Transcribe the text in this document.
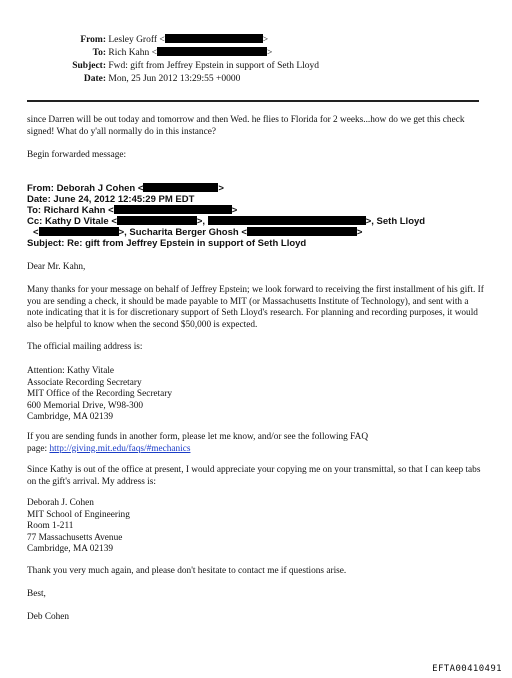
From: Lesley Groff <	>
To: Rich Kahn <	>
Subject: Fwd: gift from Jeffrey Epstein in support of Seth Lloyd
Date: Mon, 25 Jun 2012 13:29:55 +0000
since Darren will be out today and tomorrow and then Wed. he flies to Florida for 2 weeks...how do we get this check signed! What do y'all normally do in this instance?
Begin forwarded message:
From: Deborah J Cohen <	>
Date: June 24, 2012 12:45:29 PM EDT
To: Richard Kahn <	>
Cc: Kathy D Vitale <	>,	>, Seth Lloyd
<	>, Sucharita Berger Ghosh <	>
Subject: Re: gift from Jeffrey Epstein in support of Seth Lloyd
Dear Mr. Kahn,
Many thanks for your message on behalf of Jeffrey Epstein; we look forward to receiving the first installment of his gift. If you are sending a check, it should be made payable to MIT (or Massachusetts Institute of Technology), and sent with a note indicating that it is for discretionary support of Seth Lloyd's research. For planning and recording purposes, it would also be helpful to know when the second $50,000 is expected.
The official mailing address is:
Attention: Kathy Vitale
Associate Recording Secretary
MIT Office of the Recording Secretary
600 Memorial Drive, W98-300
Cambridge, MA 02139
If you are sending funds in another form, please let me know, and/or see the following FAQ
page: http://giving.mit.edu/faqs/#mechanics
Since Kathy is out of the office at present, I would appreciate your copying me on your transmittal, so that I can keep tabs on the gift's arrival. My address is:
Deborah J. Cohen
MIT School of Engineering
Room 1-211
77 Massachusetts Avenue
Cambridge, MA 02139
Thank you very much again, and please don't hesitate to contact me if questions arise.
Best,
Deb Cohen
EFTA00410491
